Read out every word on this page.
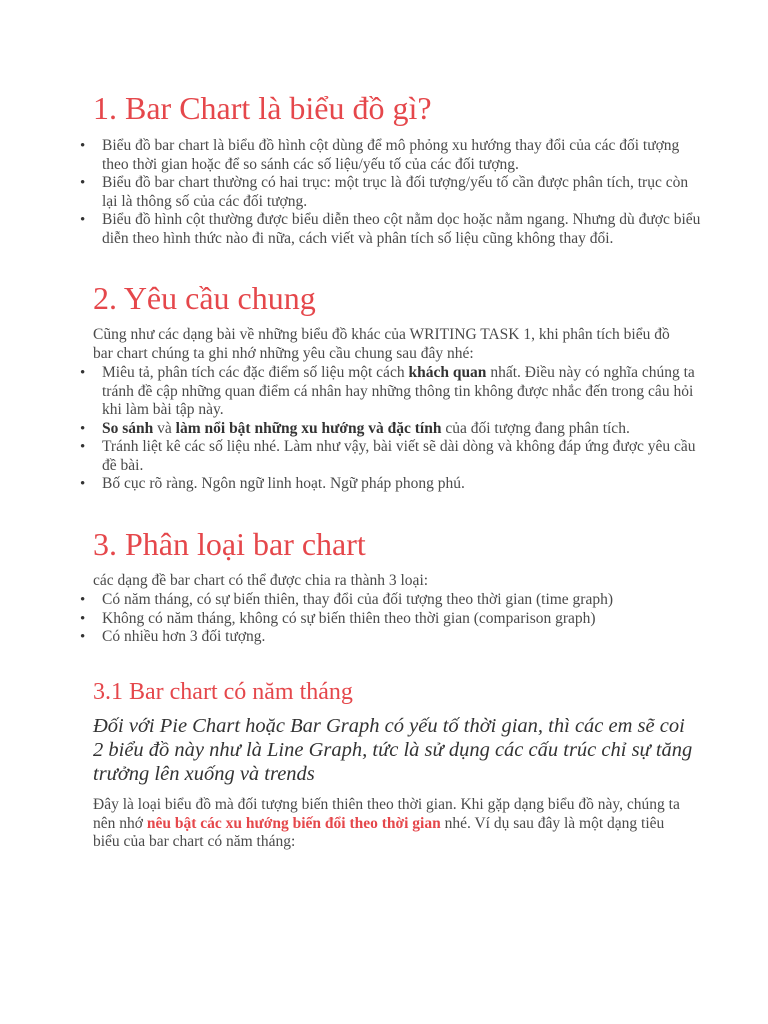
1. Bar Chart là biểu đồ gì?
• Biểu đồ bar chart là biểu đồ hình cột dùng để mô phỏng xu hướng thay đổi của các đối tượng theo thời gian hoặc để so sánh các số liệu/yếu tố của các đối tượng.
• Biểu đồ bar chart thường có hai trục: một trục là đối tượng/yếu tố cần được phân tích, trục còn lại là thông số của các đối tượng.
• Biểu đồ hình cột thường được biểu diễn theo cột nằm dọc hoặc nằm ngang. Nhưng dù được biểu diễn theo hình thức nào đi nữa, cách viết và phân tích số liệu cũng không thay đổi.
2. Yêu cầu chung

Cũng như các dạng bài về những biểu đồ khác của WRITING TASK 1, khi phân tích biểu đồ bar chart chúng ta ghi nhớ những yêu cầu chung sau đây nhé:

• Miêu tả, phân tích các đặc điểm số liệu một cách khách quan nhất. Điều này có nghĩa chúng ta tránh đề cập những quan điểm cá nhân hay những thông tin không được nhắc đến trong câu hỏi khi làm bài tập này.
• So sánh và làm nổi bật những xu hướng và đặc tính của đối tượng đang phân tích.
• Tránh liệt kê các số liệu nhé. Làm như vậy, bài viết sẽ dài dòng và không đáp ứng được yêu cầu đề bài.
• Bố cục rõ ràng. Ngôn ngữ linh hoạt. Ngữ pháp phong phú.
3. Phân loại bar chart

các dạng đề bar chart có thể được chia ra thành 3 loại:

• Có năm tháng, có sự biến thiên, thay đổi của đối tượng theo thời gian (time graph)
• Không có năm tháng, không có sự biến thiên theo thời gian (comparison graph)
• Có nhiều hơn 3 đối tượng.
3.1 Bar chart có năm tháng

Đối với Pie Chart hoặc Bar Graph có yếu tố thời gian, thì các em sẽ coi 2 biểu đồ này như là Line Graph, tức là sử dụng các cấu trúc chỉ sự tăng trưởng lên xuống và trends

Đây là loại biểu đồ mà đối tượng biến thiên theo thời gian. Khi gặp dạng biểu đồ này, chúng ta nên nhớ nêu bật các xu hướng biến đổi theo thời gian nhé. Ví dụ sau đây là một dạng tiêu biểu của bar chart có năm tháng:
